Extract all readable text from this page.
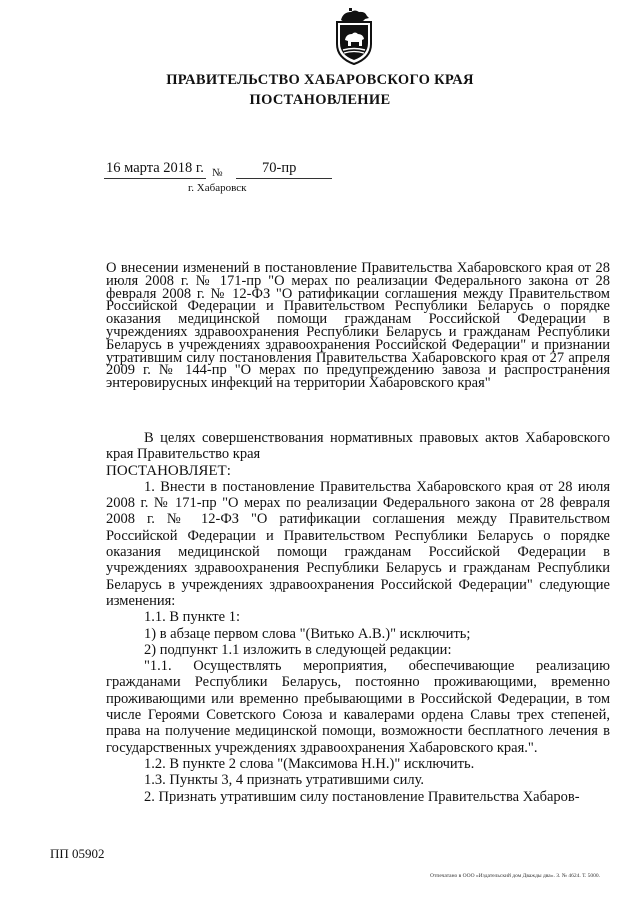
ПРАВИТЕЛЬСТВО ХАБАРОВСКОГО КРАЯ
ПОСТАНОВЛЕНИЕ
16 марта 2018 г. №	70-пр
г. Хабаровск
О внесении изменений в постановление Правительства Хабаровского края от 28 июля 2008 г. № 171-пр "О мерах по реализации Федерального закона от 28 февраля 2008 г. № 12-ФЗ "О ратификации соглашения между Правительством Российской Федерации и Правительством Республики Беларусь о порядке оказания медицинской помощи гражданам Российской Федерации в учреждениях здравоохранения Республики Беларусь и гражданам Республики Беларусь в учреждениях здравоохранения Российской Федерации" и признании утратившим силу постановления Правительства Хабаровского края от 27 апреля 2009 г. № 144-пр "О мерах по предупреждению завоза и распространения энтеровирусных инфекций на территории Хабаровского края"

В целях совершенствования нормативных правовых актов Хабаровского края Правительство края

ПОСТАНОВЛЯЕТ:

1. Внести в постановление Правительства Хабаровского края от 28 июля 2008 г. № 171-пр "О мерах по реализации Федерального закона от 28 февраля 2008 г. № 12-ФЗ "О ратификации соглашения между Правительством Российской Федерации и Правительством Республики Беларусь о порядке оказания медицинской помощи гражданам Российской Федерации в учреждениях здравоохранения Республики Беларусь и гражданам Республики Беларусь в учреждениях здравоохранения Российской Федерации" следующие изменения:

1.1. В пункте 1:

1) в абзаце первом слова "(Витько А.В.)" исключить;

2) подпункт 1.1 изложить в следующей редакции:

"1.1. Осуществлять мероприятия, обеспечивающие реализацию гражданами Республики Беларусь, постоянно проживающими, временно проживающими или временно пребывающими в Российской Федерации, в том числе Героями Советского Союза и кавалерами ордена Славы трех степеней, права на получение медицинской помощи, возможности бесплатного лечения в государственных учреждениях здравоохранения Хабаровского края.".

1.2. В пункте 2 слова "(Максимова Н.Н.)" исключить.

1.3. Пункты 3, 4 признать утратившими силу.

2. Признать утратившим силу постановление Правительства Хабаров-

ПП 05902
Отпечатано в ООО «Издательский дом Дважды два». З. № 4624. Т. 5000.
